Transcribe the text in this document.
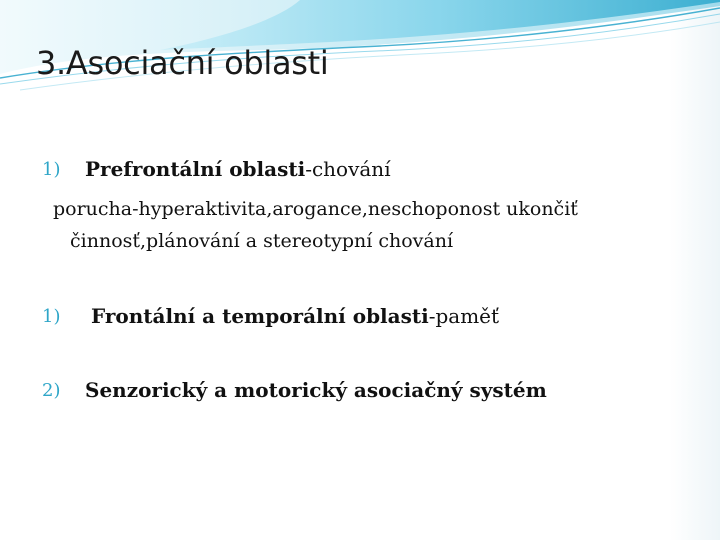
3.Asociační oblasti
1) Prefrontální oblasti-chování
porucha-hyperaktivita,arogance,neschoponost ukončiť
činnosť,plánování a stereotypní chování
1) Frontální a temporální oblasti-paměť
2) Senzorický a motorický asociačný systém
